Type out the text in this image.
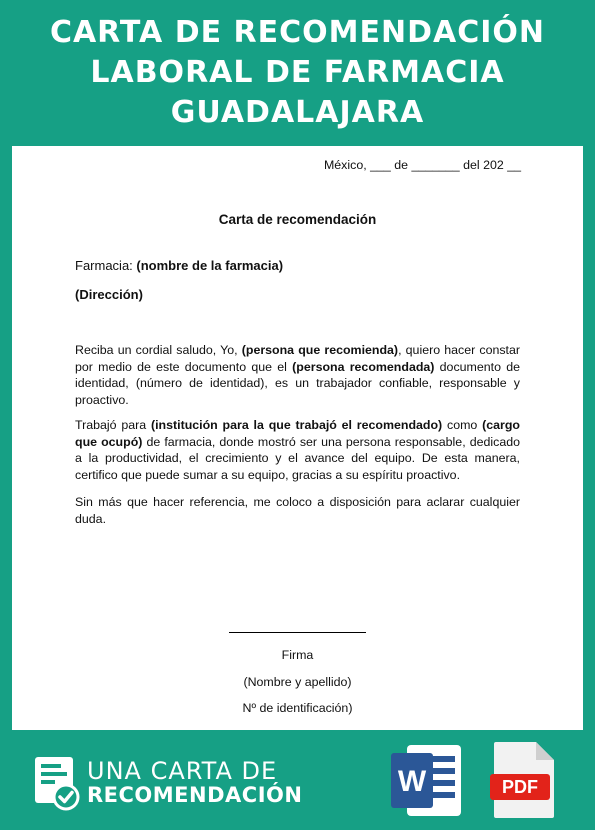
CARTA DE RECOMENDACIÓN
LABORAL DE FARMACIA
GUADALAJARA
México, ___ de _______ del 202 __
Carta de recomendación
Farmacia: (nombre de la farmacia)
(Dirección)
Reciba un cordial saludo, Yo, (persona que recomienda), quiero hacer constar por medio de este documento que el (persona recomendada) documento de identidad, (número de identidad), es un trabajador confiable, responsable y proactivo.
Trabajó para (institución para la que trabajó el recomendado) como (cargo que ocupó) de farmacia, donde mostró ser una persona responsable, dedicado a la productividad, el crecimiento y el avance del equipo. De esta manera, certifico que puede sumar a su equipo, gracias a su espíritu proactivo.
Sin más que hacer referencia, me coloco a disposición para aclarar cualquier duda.
Firma
(Nombre y apellido)
Nº de identificación)
UNA CARTA DE
RECOMENDACIÓN	W	PDF
